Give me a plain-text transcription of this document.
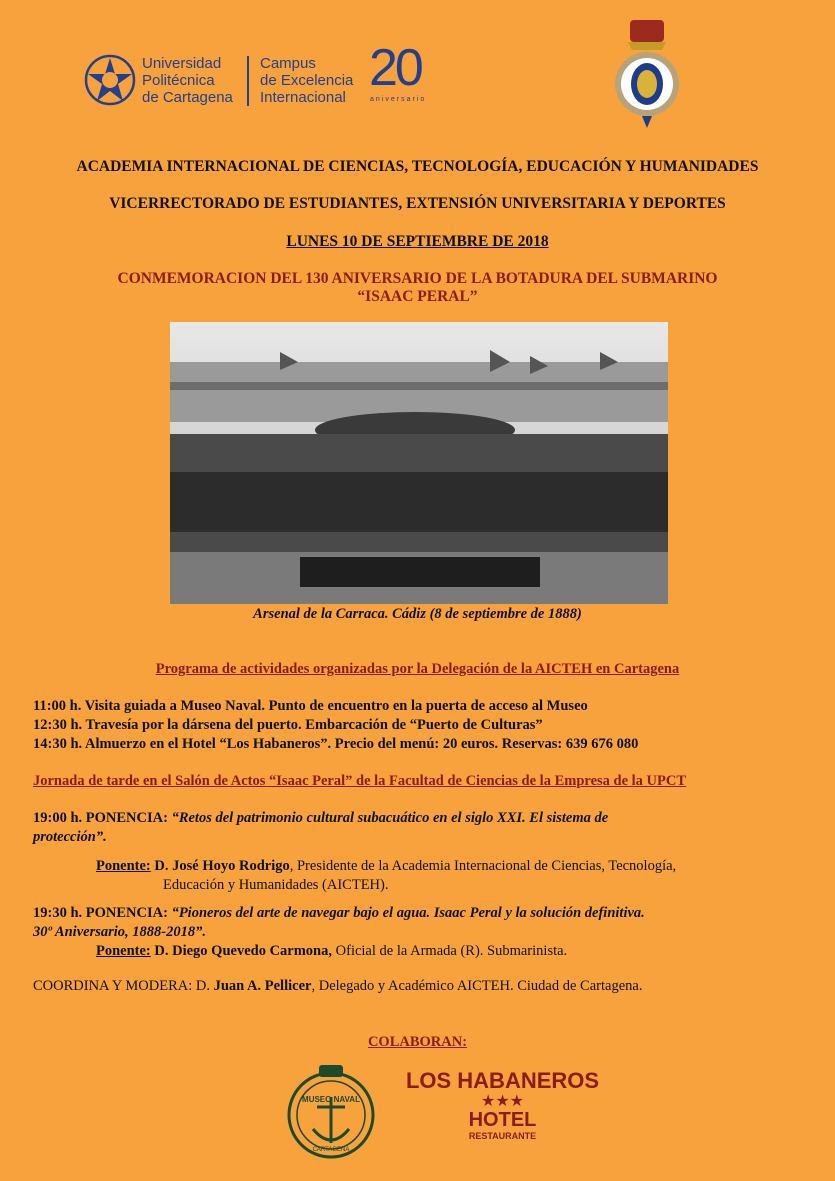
Universidad
Politécnica
de Cartagena
Campus
de Excelencia
Internacional
20
aniversario
ACADEMIA INTERNACIONAL DE CIENCIAS, TECNOLOGÍA, EDUCACIÓN Y HUMANIDADES
VICERRECTORADO DE ESTUDIANTES, EXTENSIÓN UNIVERSITARIA Y DEPORTES
LUNES 10 DE SEPTIEMBRE DE 2018
CONMEMORACION DEL 130 ANIVERSARIO DE LA BOTADURA DEL SUBMARINO
“ISAAC PERAL”
Arsenal de la Carraca. Cádiz (8 de septiembre de 1888)
Programa de actividades organizadas por la Delegación de la AICTEH en Cartagena
11:00 h. Visita guiada a Museo Naval. Punto de encuentro en la puerta de acceso al Museo
12:30 h. Travesía por la dársena del puerto. Embarcación de “Puerto de Culturas”
14:30 h. Almuerzo en el Hotel “Los Habaneros”. Precio del menú: 20 euros. Reservas: 639 676 080
Jornada de tarde en el Salón de Actos “Isaac Peral” de la Facultad de Ciencias de la Empresa de la UPCT
19:00 h. PONENCIA: “Retos del patrimonio cultural subacuático en el siglo XXI. El sistema de
protección”.
Ponente: D. José Hoyo Rodrigo, Presidente de la Academia Internacional de Ciencias, Tecnología,
Educación y Humanidades (AICTEH).
19:30 h. PONENCIA: “Pioneros del arte de navegar bajo el agua. Isaac Peral y la solución definitiva.
30º Aniversario, 1888-2018”.
Ponente: D. Diego Quevedo Carmona, Oficial de la Armada (R). Submarinista.
COORDINA Y MODERA: D. Juan A. Pellicer, Delegado y Académico AICTEH. Ciudad de Cartagena.
COLABORAN:
MUSEO NAVAL
CARTAGENA
LOS HABANEROS
★★★
HOTEL
RESTAURANTE
